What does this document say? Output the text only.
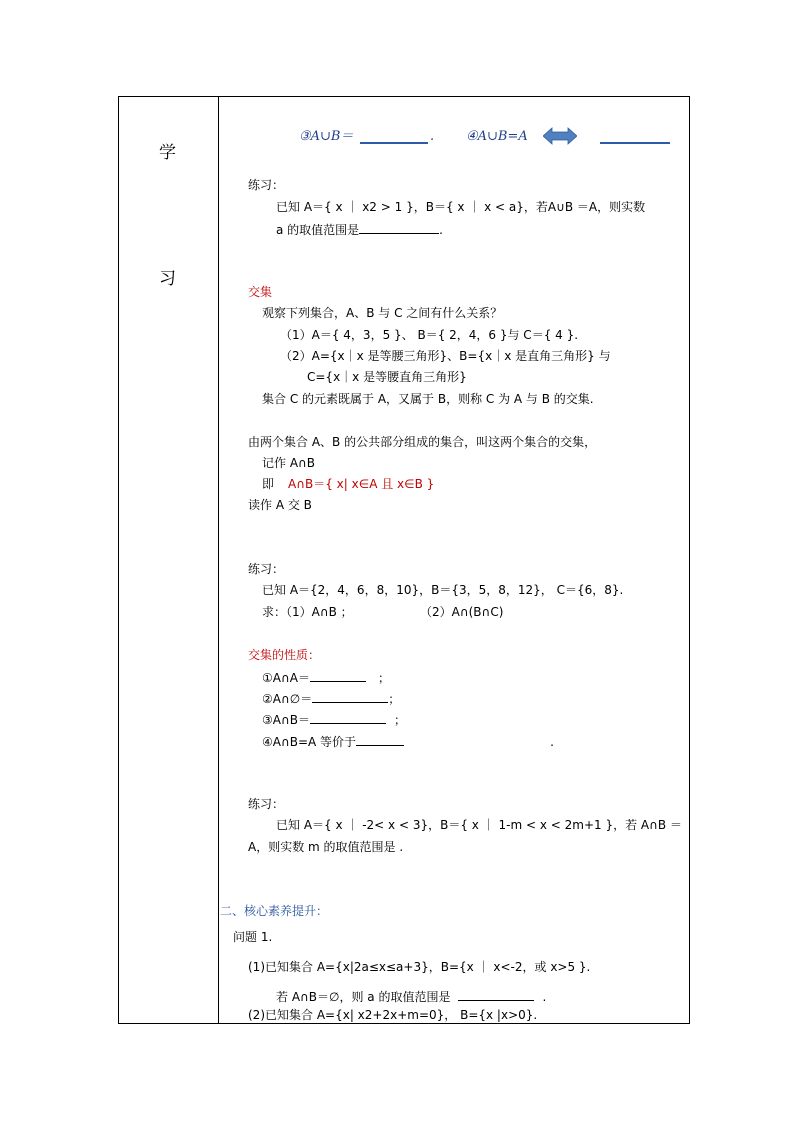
学
习
③A∪B＝	. ④A∪B=A
练习：
已知 A＝{ x ｜ x2 > 1 }，B＝{ x ｜ x < a}，若A∪B ＝A，则实数
a 的取值范围是	.
交集
观察下列集合，A、B 与 C 之间有什么关系？
（1）A＝{ 4，3，5 }、 B＝{ 2，4，6 }与 C＝{ 4 }.
（2）A={x｜x 是等腰三角形}、B={x｜x 是直角三角形} 与
C={x｜x 是等腰直角三角形}
集合 C 的元素既属于 A，又属于 B，则称 C 为 A 与 B 的交集.
由两个集合 A、B 的公共部分组成的集合，叫这两个集合的交集，
记作 A∩B
即 A∩B＝{ x| x∈A 且 x∈B }
读作 A 交 B
练习：
已知 A＝{2，4，6，8，10}，B＝{3，5，8，12}， C＝{6，8}.
求：（1）A∩B ；	（2）A∩(B∩C)
交集的性质：
①A∩A＝	；
②A∩∅＝	；
③A∩B＝	；
④A∩B=A 等价于	.
练习：
已知 A＝{ x ｜ -2< x < 3}，B＝{ x ｜ 1-m < x < 2m+1 }，若 A∩B ＝
A，则实数 m 的取值范围是 .
二、核心素养提升：
问题 1.
(1)已知集合 A={x|2a≤x≤a+3}，B={x ｜ x<-2，或 x>5 }.
若 A∩B＝∅，则 a 的取值范围是	.
(2)已知集合 A={x| x2+2x+m=0}， B={x |x>0}.
